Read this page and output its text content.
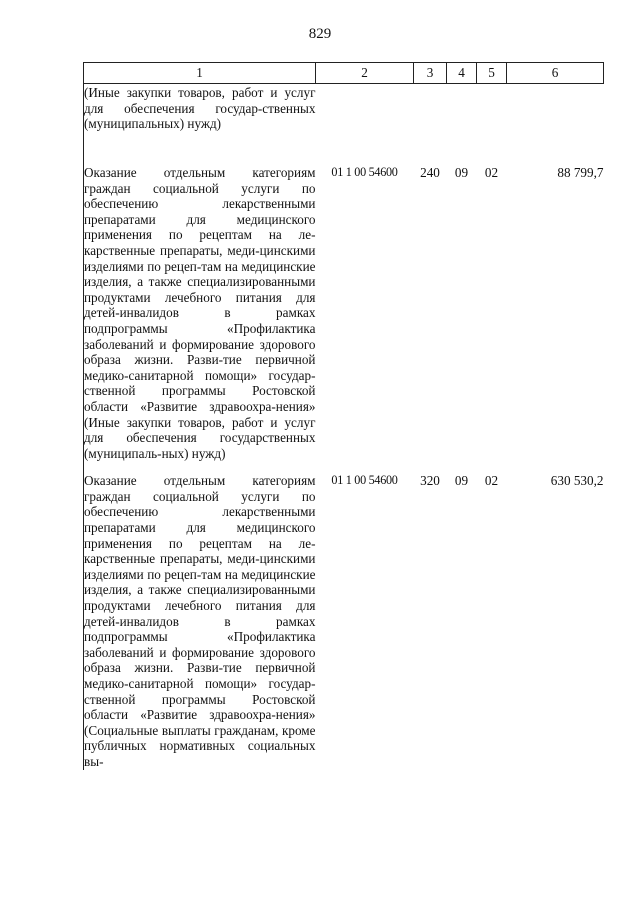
829
1	2	3	4	5	6
(Иные закупки товаров, работ и услуг для обеспечения государ-ственных (муниципальных) нужд)					

Оказание отдельным категориям граждан социальной услуги по обеспечению лекарственными препаратами для медицинского применения по рецептам на ле-карственные препараты, меди-цинскими изделиями по рецеп-там на медицинские изделия, а также специализированными продуктами лечебного питания для детей-инвалидов в рамках подпрограммы «Профилактика заболеваний и формирование здорового образа жизни. Разви-тие первичной медико-санитарной помощи» государ-ственной программы Ростовской области «Развитие здравоохра-нения» (Иные закупки товаров, работ и услуг для обеспечения государственных (муниципаль-ных) нужд)	01 1 00 54600	240	09	02	88 799,7

Оказание отдельным категориям граждан социальной услуги по обеспечению лекарственными препаратами для медицинского применения по рецептам на ле-карственные препараты, меди-цинскими изделиями по рецеп-там на медицинские изделия, а также специализированными продуктами лечебного питания для детей-инвалидов в рамках подпрограммы «Профилактика заболеваний и формирование здорового образа жизни. Разви-тие первичной медико-санитарной помощи» государ-ственной программы Ростовской области «Развитие здравоохра-нения» (Социальные выплаты гражданам, кроме публичных нормативных социальных вы-	01 1 00 54600	320	09	02	630 530,2
